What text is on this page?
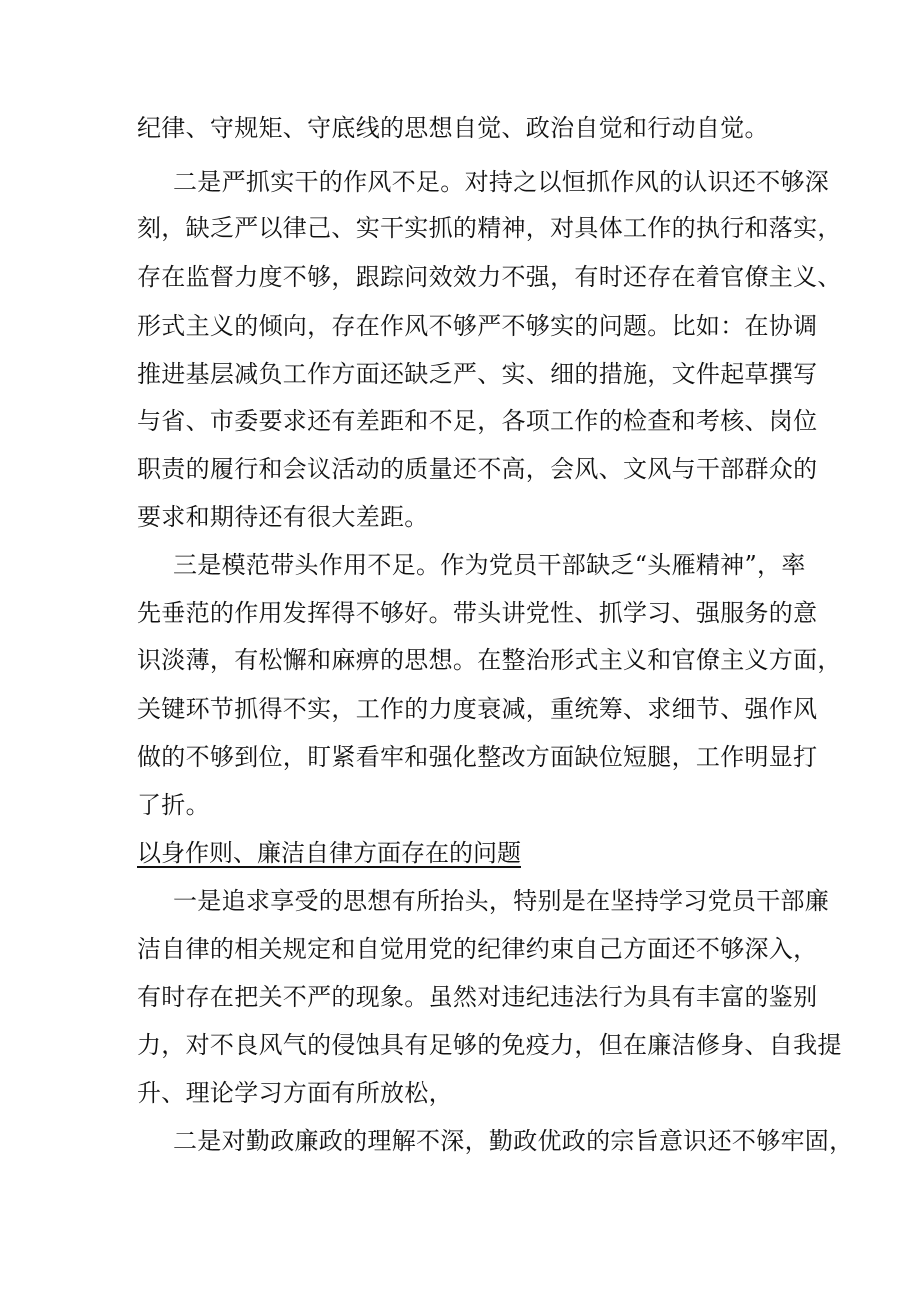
纪律、守规矩、守底线的思想自觉、政治自觉和行动自觉。
二是严抓实干的作风不足。对持之以恒抓作风的认识还不够深
刻，缺乏严以律己、实干实抓的精神，对具体工作的执行和落实，
存在监督力度不够，跟踪问效效力不强，有时还存在着官僚主义、
形式主义的倾向，存在作风不够严不够实的问题。比如：在协调
推进基层减负工作方面还缺乏严、实、细的措施，文件起草撰写
与省、市委要求还有差距和不足，各项工作的检查和考核、岗位
职责的履行和会议活动的质量还不高，会风、文风与干部群众的
要求和期待还有很大差距。
三是模范带头作用不足。作为党员干部缺乏“头雁精神”，率
先垂范的作用发挥得不够好。带头讲党性、抓学习、强服务的意
识淡薄，有松懈和麻痹的思想。在整治形式主义和官僚主义方面，
关键环节抓得不实，工作的力度衰减，重统筹、求细节、强作风
做的不够到位，盯紧看牢和强化整改方面缺位短腿，工作明显打
了折。
以身作则、廉洁自律方面存在的问题
一是追求享受的思想有所抬头，特别是在坚持学习党员干部廉
洁自律的相关规定和自觉用党的纪律约束自己方面还不够深入，
有时存在把关不严的现象。虽然对违纪违法行为具有丰富的鉴别
力，对不良风气的侵蚀具有足够的免疫力，但在廉洁修身、自我提
升、理论学习方面有所放松，
二是对勤政廉政的理解不深，勤政优政的宗旨意识还不够牢固，
